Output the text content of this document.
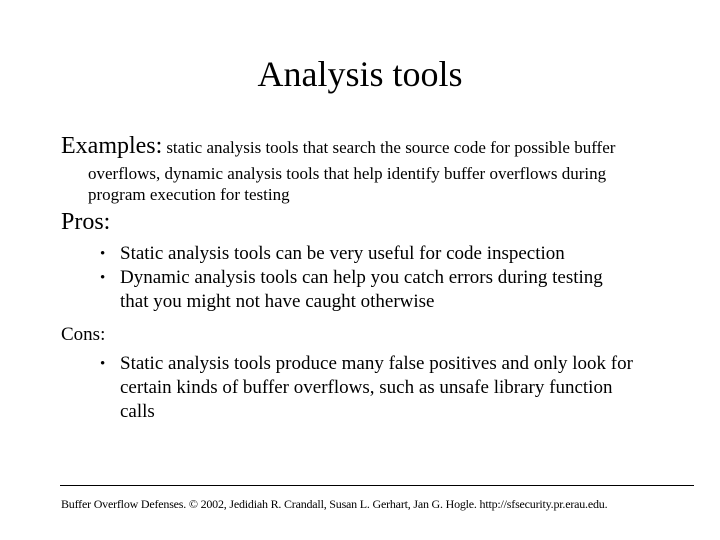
Analysis tools
Examples: static analysis tools that search the source code for possible buffer
overflows, dynamic analysis tools that help identify buffer overflows during
program execution for testing
Pros:
• Static analysis tools can be very useful for code inspection
• Dynamic analysis tools can help you catch errors during testing
that you might not have caught otherwise
Cons:
• Static analysis tools produce many false positives and only look for
certain kinds of buffer overflows, such as unsafe library function
calls
Buffer Overflow Defenses. © 2002, Jedidiah R. Crandall, Susan L. Gerhart, Jan G. Hogle. http://sfsecurity.pr.erau.edu.
